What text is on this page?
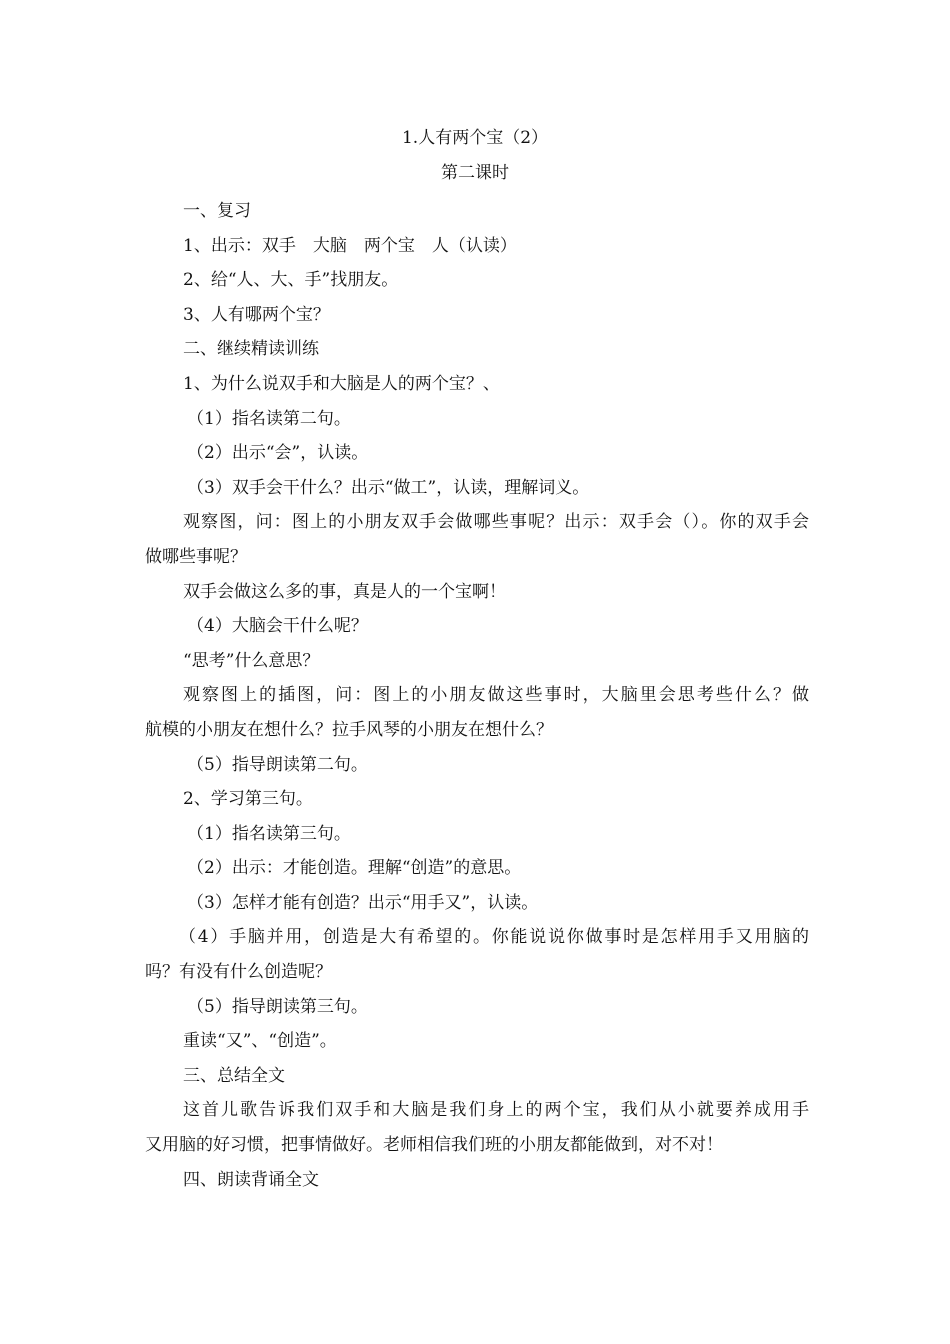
1.人有两个宝（2）
第二课时
一、复习
1、出示：双手　大脑　两个宝　人（认读）
2、给“人、大、手”找朋友。
3、人有哪两个宝？
二、继续精读训练
1、为什么说双手和大脑是人的两个宝？、
（1）指名读第二句。
（2）出示“会”，认读。
（3）双手会干什么？出示“做工”，认读，理解词义。
观察图，问：图上的小朋友双手会做哪些事呢？出示：双手会（）。你的双手会
做哪些事呢？
双手会做这么多的事，真是人的一个宝啊！
（4）大脑会干什么呢？
“思考”什么意思？
观察图上的插图，问：图上的小朋友做这些事时，大脑里会思考些什么？做
航模的小朋友在想什么？拉手风琴的小朋友在想什么？
（5）指导朗读第二句。
2、学习第三句。
（1）指名读第三句。
（2）出示：才能创造。理解“创造”的意思。
（3）怎样才能有创造？出示“用手又”，认读。
（4）手脑并用，创造是大有希望的。你能说说你做事时是怎样用手又用脑的
吗？有没有什么创造呢？
（5）指导朗读第三句。
重读“又”、“创造”。
三、总结全文
这首儿歌告诉我们双手和大脑是我们身上的两个宝，我们从小就要养成用手
又用脑的好习惯，把事情做好。老师相信我们班的小朋友都能做到，对不对！
四、朗读背诵全文
